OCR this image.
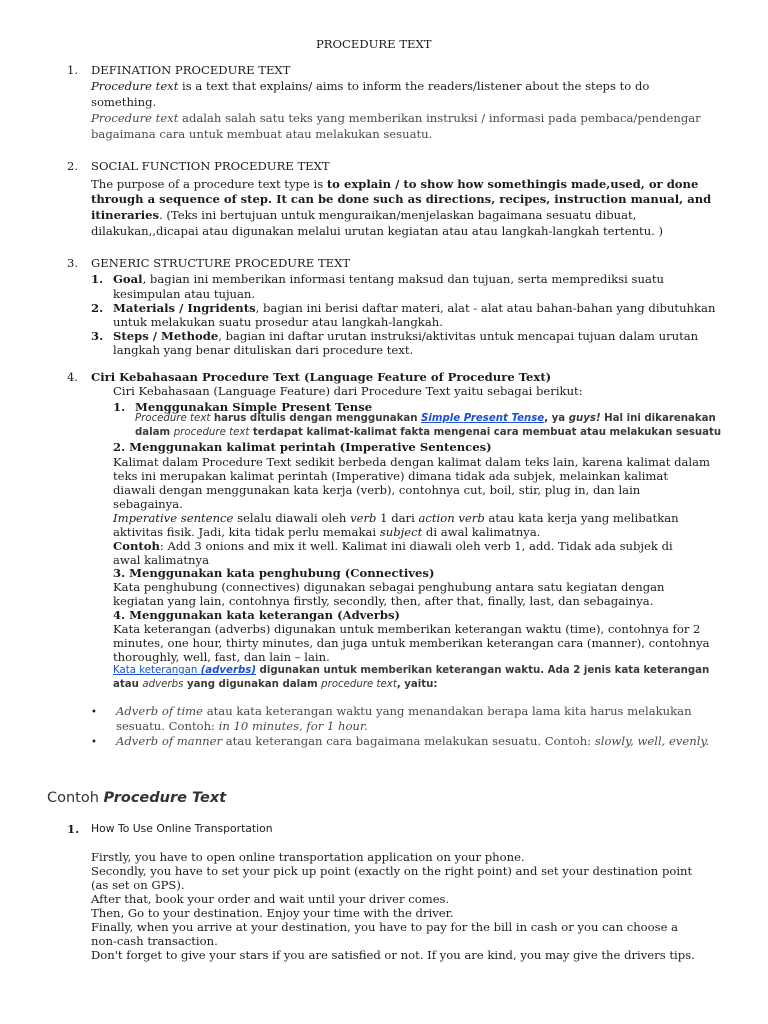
PROCEDURE TEXT
1. DEFINATION PROCEDURE TEXT
Procedure text is a text that explains/ aims to inform the readers/listener about the steps to do
something.
Procedure text adalah salah satu teks yang memberikan instruksi / informasi pada pembaca/pendengar
bagaimana cara untuk membuat atau melakukan sesuatu.
2. SOCIAL FUNCTION PROCEDURE TEXT
The purpose of a procedure text type is to explain / to show how somethingis made,used, or done
through a sequence of step. It can be done such as directions, recipes, instruction manual, and
itineraries. (Teks ini bertujuan untuk menguraikan/menjelaskan bagaimana sesuatu dibuat,
dilakukan,,dicapai atau digunakan melalui urutan kegiatan atau atau langkah-langkah tertentu. )
3. GENERIC STRUCTURE PROCEDURE TEXT
1. Goal, bagian ini memberikan informasi tentang maksud dan tujuan, serta memprediksi suatu
kesimpulan atau tujuan.
2. Materials / Ingridents, bagian ini berisi daftar materi, alat - alat atau bahan-bahan yang dibutuhkan
untuk melakukan suatu prosedur atau langkah-langkah.
3. Steps / Methode, bagian ini daftar urutan instruksi/aktivitas untuk mencapai tujuan dalam urutan
langkah yang benar dituliskan dari procedure text.
4. Ciri Kebahasaan Procedure Text (Language Feature of Procedure Text)
Ciri Kebahasaan (Language Feature) dari Procedure Text yaitu sebagai berikut:
1. Menggunakan Simple Present Tense
Procedure text harus ditulis dengan menggunakan Simple Present Tense, ya guys! Hal ini dikarenakan
dalam procedure text terdapat kalimat-kalimat fakta mengenai cara membuat atau melakukan sesuatu
2. Menggunakan kalimat perintah (Imperative Sentences)
Kalimat dalam Procedure Text sedikit berbeda dengan kalimat dalam teks lain, karena kalimat dalam
teks ini merupakan kalimat perintah (Imperative) dimana tidak ada subjek, melainkan kalimat
diawali dengan menggunakan kata kerja (verb), contohnya cut, boil, stir, plug in, dan lain
sebagainya.
Imperative sentence selalu diawali oleh verb 1 dari action verb atau kata kerja yang melibatkan
aktivitas fisik. Jadi, kita tidak perlu memakai subject di awal kalimatnya.
Contoh: Add 3 onions and mix it well. Kalimat ini diawali oleh verb 1, add. Tidak ada subjek di
awal kalimatnya
3. Menggunakan kata penghubung (Connectives)
Kata penghubung (connectives) digunakan sebagai penghubung antara satu kegiatan dengan
kegiatan yang lain, contohnya firstly, secondly, then, after that, finally, last, dan sebagainya.
4. Menggunakan kata keterangan (Adverbs)
Kata keterangan (adverbs) digunakan untuk memberikan keterangan waktu (time), contohnya for 2
minutes, one hour, thirty minutes, dan juga untuk memberikan keterangan cara (manner), contohnya
thoroughly, well, fast, dan lain – lain.
Kata keterangan (adverbs) digunakan untuk memberikan keterangan waktu. Ada 2 jenis kata keterangan
atau adverbs yang digunakan dalam procedure text, yaitu:
• Adverb of time atau kata keterangan waktu yang menandakan berapa lama kita harus melakukan
sesuatu. Contoh: in 10 minutes, for 1 hour.
• Adverb of manner atau keterangan cara bagaimana melakukan sesuatu. Contoh: slowly, well, evenly.
Contoh Procedure Text
1. How To Use Online Transportation
Firstly, you have to open online transportation application on your phone.
Secondly, you have to set your pick up point (exactly on the right point) and set your destination point
(as set on GPS).
After that, book your order and wait until your driver comes.
Then, Go to your destination. Enjoy your time with the driver.
Finally, when you arrive at your destination, you have to pay for the bill in cash or you can choose a
non-cash transaction.
Don't forget to give your stars if you are satisfied or not. If you are kind, you may give the drivers tips.
